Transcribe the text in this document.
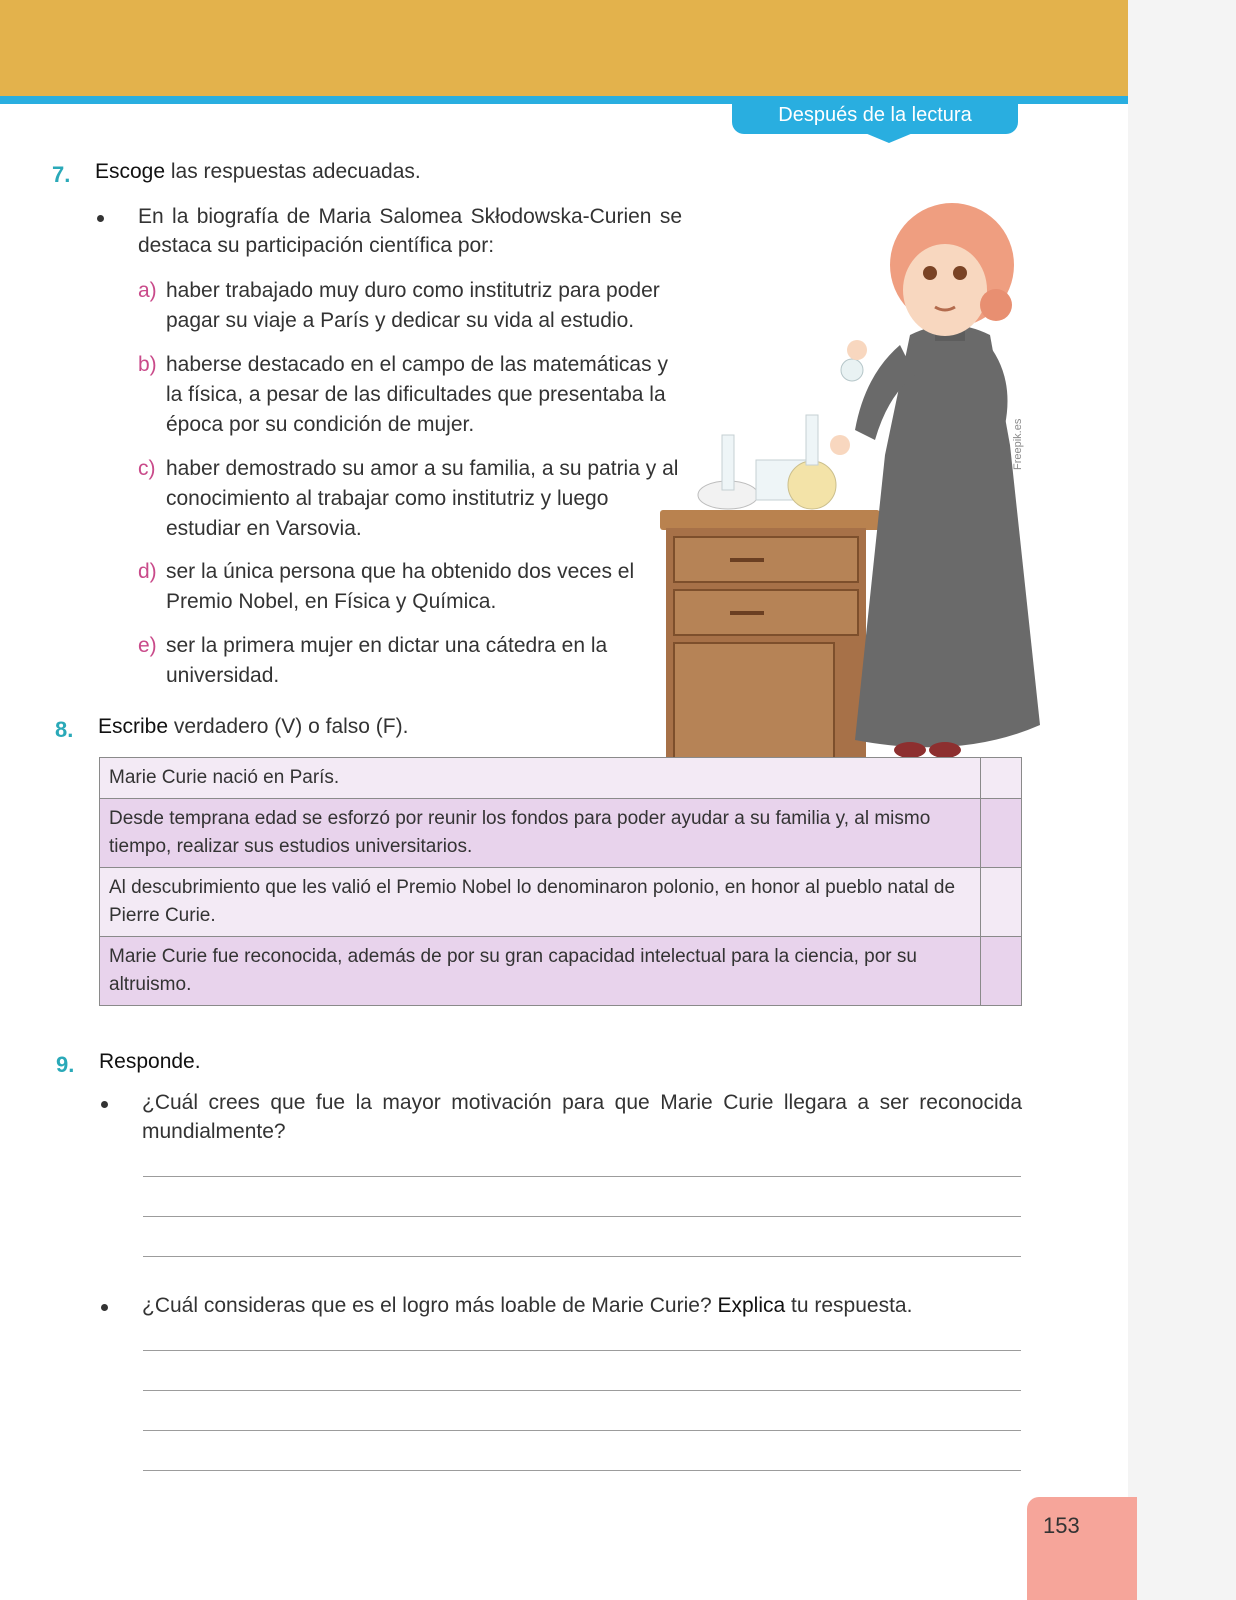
Después de la lectura
Freepik.es
7. Escoge las respuestas adecuadas.
En la biografía de Maria Salomea Skłodowska-Curien se destaca su participación científica por:
a) haber trabajado muy duro como institutriz para poder pagar su viaje a París y dedicar su vida al estudio.
b) haberse destacado en el campo de las matemáticas y la física, a pesar de las dificultades que presentaba la época por su condición de mujer.
c) haber demostrado su amor a su familia, a su patria y al conocimiento al trabajar como institutriz y luego estudiar en Varsovia.
d) ser la única persona que ha obtenido dos veces el Premio Nobel, en Física y Química.
e) ser la primera mujer en dictar una cátedra en la universidad.
8. Escribe verdadero (V) o falso (F).
Marie Curie nació en París.	
Desde temprana edad se esforzó por reunir los fondos para poder ayudar a su familia y, al mismo tiempo, realizar sus estudios universitarios.	
Al descubrimiento que les valió el Premio Nobel lo denominaron polonio, en honor al pueblo natal de Pierre Curie.	
Marie Curie fue reconocida, además de por su gran capacidad intelectual para la ciencia, por su altruismo.	
9. Responde.
¿Cuál crees que fue la mayor motivación para que Marie Curie llegara a ser reconocida mundialmente?
¿Cuál consideras que es el logro más loable de Marie Curie? Explica tu respuesta.
153
